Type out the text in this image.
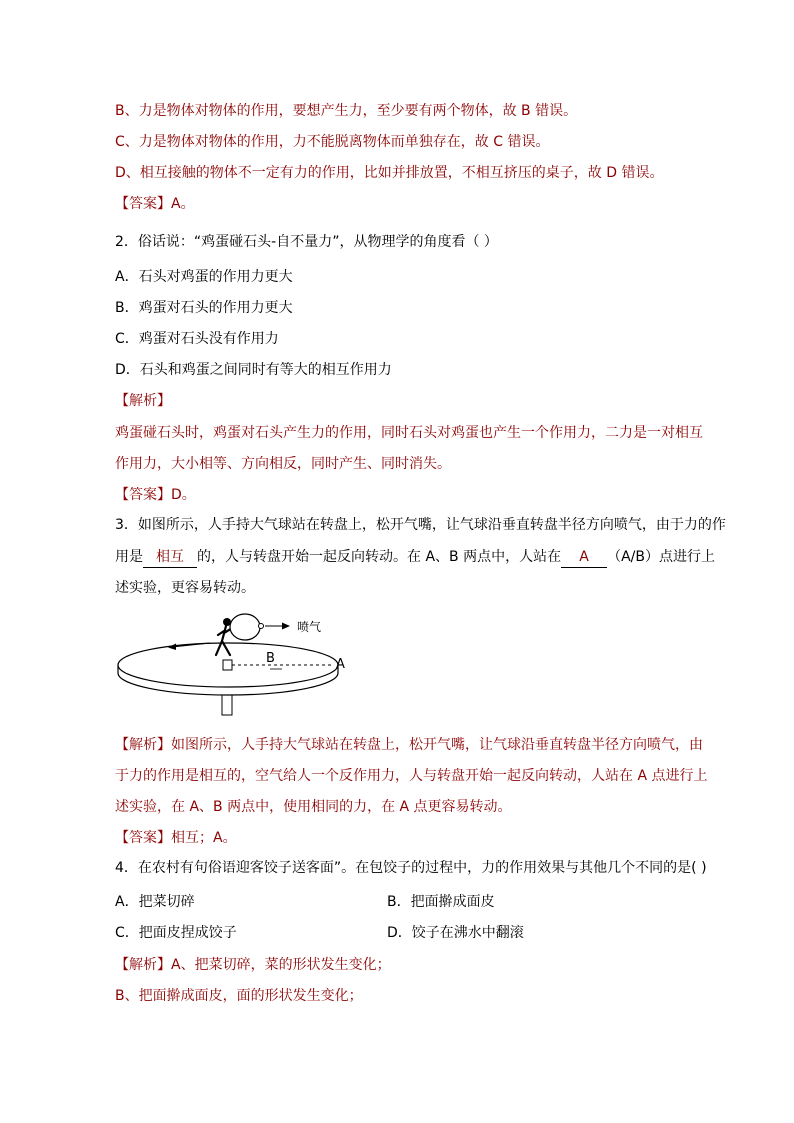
B、力是物体对物体的作用，要想产生力，至少要有两个物体，故 B 错误。
C、力是物体对物体的作用，力不能脱离物体而单独存在，故 C 错误。
D、相互接触的物体不一定有力的作用，比如并排放置，不相互挤压的桌子，故 D 错误。
【答案】A。
2．俗话说：“鸡蛋碰石头-自不量力”，从物理学的角度看（ ）
A．石头对鸡蛋的作用力更大
B．鸡蛋对石头的作用力更大
C．鸡蛋对石头没有作用力
D．石头和鸡蛋之间同时有等大的相互作用力
【解析】
鸡蛋碰石头时，鸡蛋对石头产生力的作用，同时石头对鸡蛋也产生一个作用力，二力是一对相互
作用力，大小相等、方向相反，同时产生、同时消失。
【答案】D。
3．如图所示，人手持大气球站在转盘上，松开气嘴，让气球沿垂直转盘半径方向喷气，由于力的作
用是 相互 的，人与转盘开始一起反向转动。在 A、B 两点中，人站在 A （A/B）点进行上
述实验，更容易转动。
喷气
B	A
【解析】如图所示，人手持大气球站在转盘上，松开气嘴，让气球沿垂直转盘半径方向喷气，由
于力的作用是相互的，空气给人一个反作用力，人与转盘开始一起反向转动，人站在 A 点进行上
述实验，在 A、B 两点中，使用相同的力，在 A 点更容易转动。
【答案】相互；A。
4．在农村有句俗语迎客饺子送客面”。在包饺子的过程中，力的作用效果与其他几个不同的是( )
A．把菜切碎	B．把面擀成面皮
C．把面皮捏成饺子	D．饺子在沸水中翻滚
【解析】A、把菜切碎，菜的形状发生变化；
B、把面擀成面皮，面的形状发生变化；
